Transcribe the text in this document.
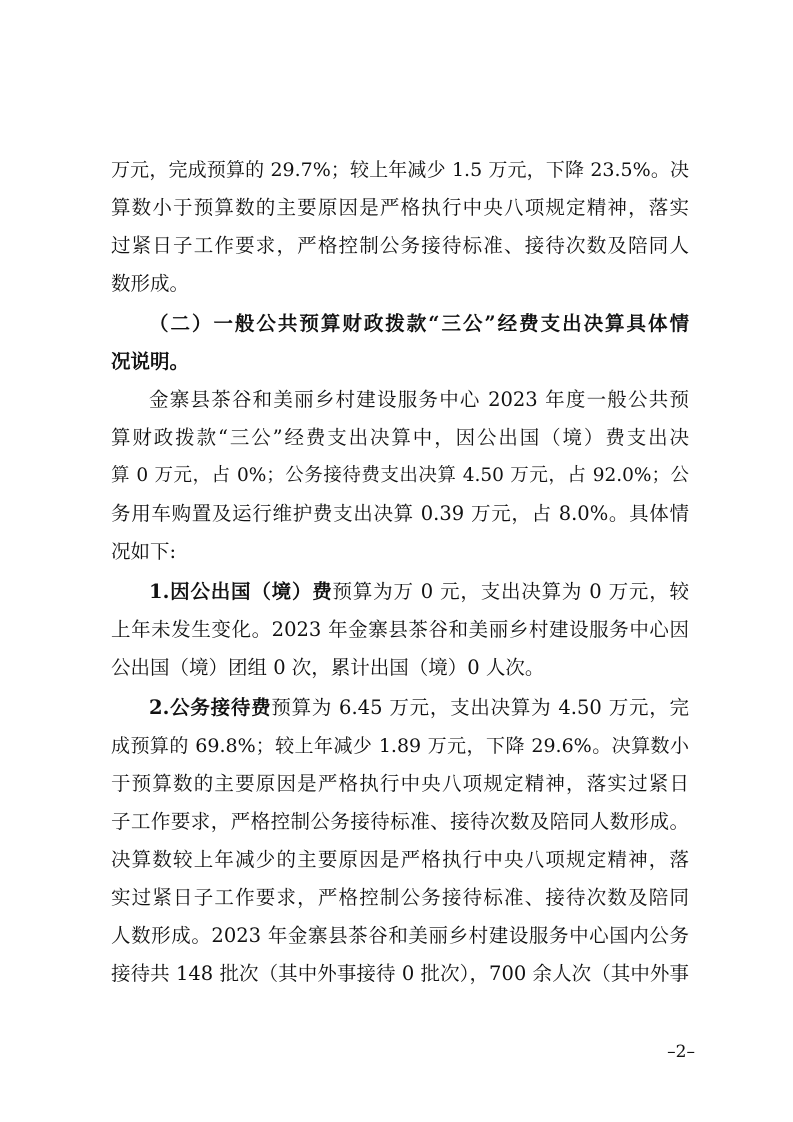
万元，完成预算的 29.7%；较上年减少 1.5 万元，下降 23.5%。决
算数小于预算数的主要原因是严格执行中央八项规定精神，落实
过紧日子工作要求，严格控制公务接待标准、接待次数及陪同人
数形成。
（二）一般公共预算财政拨款“三公”经费支出决算具体情
况说明。
金寨县茶谷和美丽乡村建设服务中心 2023 年度一般公共预
算财政拨款“三公”经费支出决算中，因公出国（境）费支出决
算 0 万元，占 0%；公务接待费支出决算 4.50 万元，占 92.0%；公
务用车购置及运行维护费支出决算 0.39 万元，占 8.0%。具体情
况如下:
1.因公出国（境）费预算为万 0 元，支出决算为 0 万元，较
上年未发生变化。2023 年金寨县茶谷和美丽乡村建设服务中心因
公出国（境）团组 0 次，累计出国（境）0 人次。
2.公务接待费预算为 6.45 万元，支出决算为 4.50 万元，完
成预算的 69.8%；较上年减少 1.89 万元，下降 29.6%。决算数小
于预算数的主要原因是严格执行中央八项规定精神，落实过紧日
子工作要求，严格控制公务接待标准、接待次数及陪同人数形成。
决算数较上年减少的主要原因是严格执行中央八项规定精神，落
实过紧日子工作要求，严格控制公务接待标准、接待次数及陪同
人数形成。2023 年金寨县茶谷和美丽乡村建设服务中心国内公务
接待共 148 批次（其中外事接待 0 批次），700 余人次（其中外事
–2–
